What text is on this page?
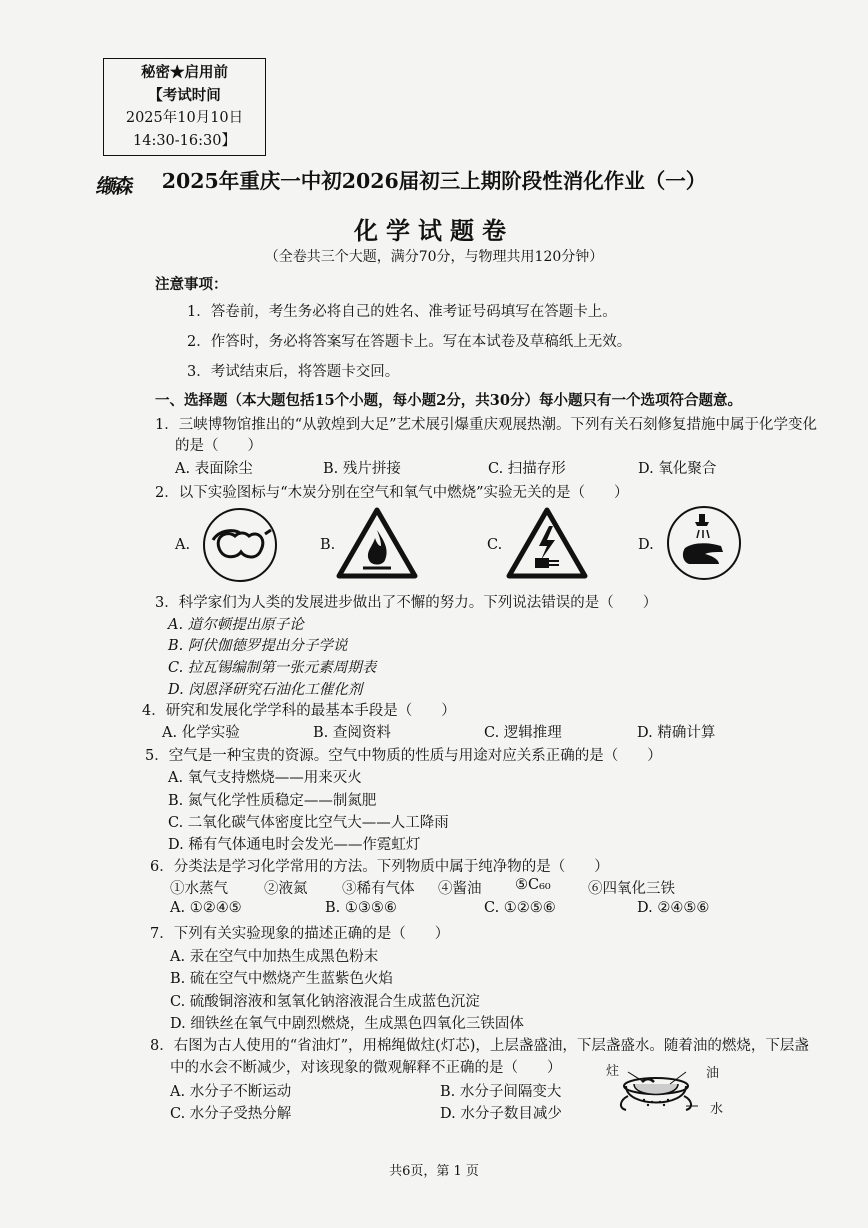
秘密★启用前
【考试时间
2025年10月10日
14:30-16:30】
缬森	2025年重庆一中初2026届初三上期阶段性消化作业（一）
化学试题卷
（全卷共三个大题，满分70分，与物理共用120分钟）
注意事项：
1．答卷前，考生务必将自己的姓名、准考证号码填写在答题卡上。
2．作答时，务必将答案写在答题卡上。写在本试卷及草稿纸上无效。
3．考试结束后，将答题卡交回。
一、选择题（本大题包括15个小题，每小题2分，共30分）每小题只有一个选项符合题意。
1．三峡博物馆推出的“从敦煌到大足”艺术展引爆重庆观展热潮。下列有关石刻修复措施中属于化学变化
的是（　　）
A. 表面除尘	B. 残片拼接	C. 扫描存形	D. 氧化聚合
2．以下实验图标与“木炭分别在空气和氧气中燃烧”实验无关的是（　　）
A.	B.	C.	D.
3．科学家们为人类的发展进步做出了不懈的努力。下列说法错误的是（　　）
A. 道尔顿提出原子论
B. 阿伏伽德罗提出分子学说
C. 拉瓦锡编制第一张元素周期表
D. 闵恩泽研究石油化工催化剂
4．研究和发展化学学科的最基本手段是（　　）
A. 化学实验	B. 查阅资料	C. 逻辑推理	D. 精确计算
5．空气是一种宝贵的资源。空气中物质的性质与用途对应关系正确的是（　　）
A. 氧气支持燃烧——用来灭火
B. 氮气化学性质稳定——制氮肥
C. 二氧化碳气体密度比空气大——人工降雨
D. 稀有气体通电时会发光——作霓虹灯
6．分类法是学习化学常用的方法。下列物质中属于纯净物的是（　　）
①水蒸气 ②液氮 ③稀有气体 ④酱油 ⑤C₆₀	⑥四氧化三铁
A. ①②④⑤	B. ①③⑤⑥	C. ①②⑤⑥	D. ②④⑤⑥
7．下列有关实验现象的描述正确的是（　　）
A. 汞在空气中加热生成黑色粉末
B. 硫在空气中燃烧产生蓝紫色火焰
C. 硫酸铜溶液和氢氧化钠溶液混合生成蓝色沉淀
D. 细铁丝在氧气中剧烈燃烧，生成黑色四氧化三铁固体
8．右图为古人使用的“省油灯”，用棉绳做炷(灯芯)，上层盏盛油，下层盏盛水。随着油的燃烧，下层盏
中的水会不断减少，对该现象的微观解释不正确的是（　　）
A. 水分子不断运动	B. 水分子间隔变大
C. 水分子受热分解	D. 水分子数目减少
炷	油
水
共6页，第 1 页
